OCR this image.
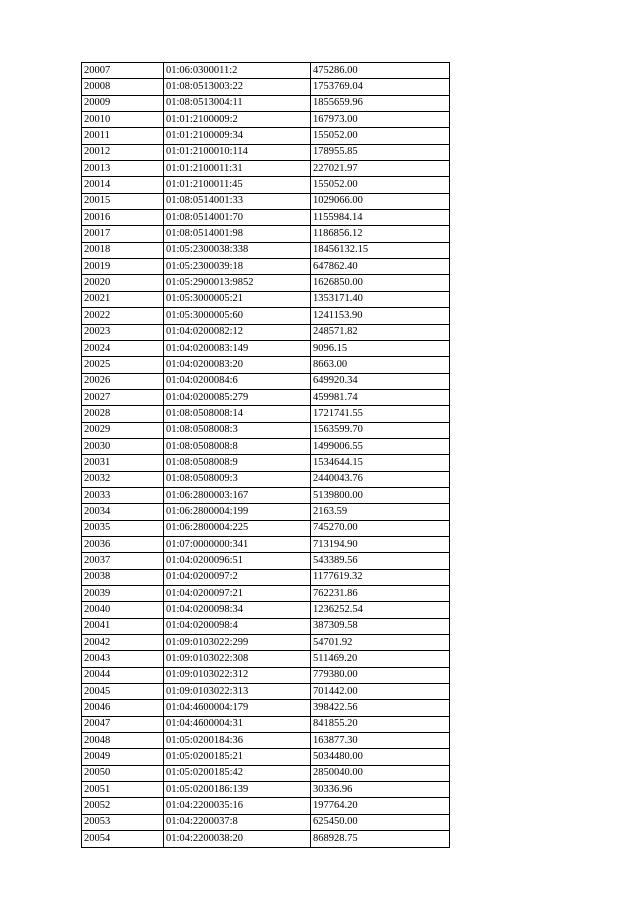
20007	01:06:0300011:2	475286.00
20008	01:08:0513003:22	1753769.04
20009	01:08:0513004:11	1855659.96
20010	01:01:2100009:2	167973.00
20011	01:01:2100009:34	155052.00
20012	01:01:2100010:114	178955.85
20013	01:01:2100011:31	227021.97
20014	01:01:2100011:45	155052.00
20015	01:08:0514001:33	1029066.00
20016	01:08:0514001:70	1155984.14
20017	01:08:0514001:98	1186856.12
20018	01:05:2300038:338	18456132.15
20019	01:05:2300039:18	647862.40
20020	01:05:2900013:9852	1626850.00
20021	01:05:3000005:21	1353171.40
20022	01:05:3000005:60	1241153.90
20023	01:04:0200082:12	248571.82
20024	01:04:0200083:149	9096.15
20025	01:04:0200083:20	8663.00
20026	01:04:0200084:6	649920.34
20027	01:04:0200085:279	459981.74
20028	01:08:0508008:14	1721741.55
20029	01:08:0508008:3	1563599.70
20030	01:08:0508008:8	1499006.55
20031	01:08:0508008:9	1534644.15
20032	01:08:0508009:3	2440043.76
20033	01:06:2800003:167	5139800.00
20034	01:06:2800004:199	2163.59
20035	01:06:2800004:225	745270.00
20036	01:07:0000000:341	713194.90
20037	01:04:0200096:51	543389.56
20038	01:04:0200097:2	1177619.32
20039	01:04:0200097:21	762231.86
20040	01:04:0200098:34	1236252.54
20041	01:04:0200098:4	387309.58
20042	01:09:0103022:299	54701.92
20043	01:09:0103022:308	511469.20
20044	01:09:0103022:312	779380.00
20045	01:09:0103022:313	701442.00
20046	01:04:4600004:179	398422.56
20047	01:04:4600004:31	841855.20
20048	01:05:0200184:36	163877.30
20049	01:05:0200185:21	5034480.00
20050	01:05:0200185:42	2850040.00
20051	01:05:0200186:139	30336.96
20052	01:04:2200035:16	197764.20
20053	01:04:2200037:8	625450.00
20054	01:04:2200038:20	868928.75
